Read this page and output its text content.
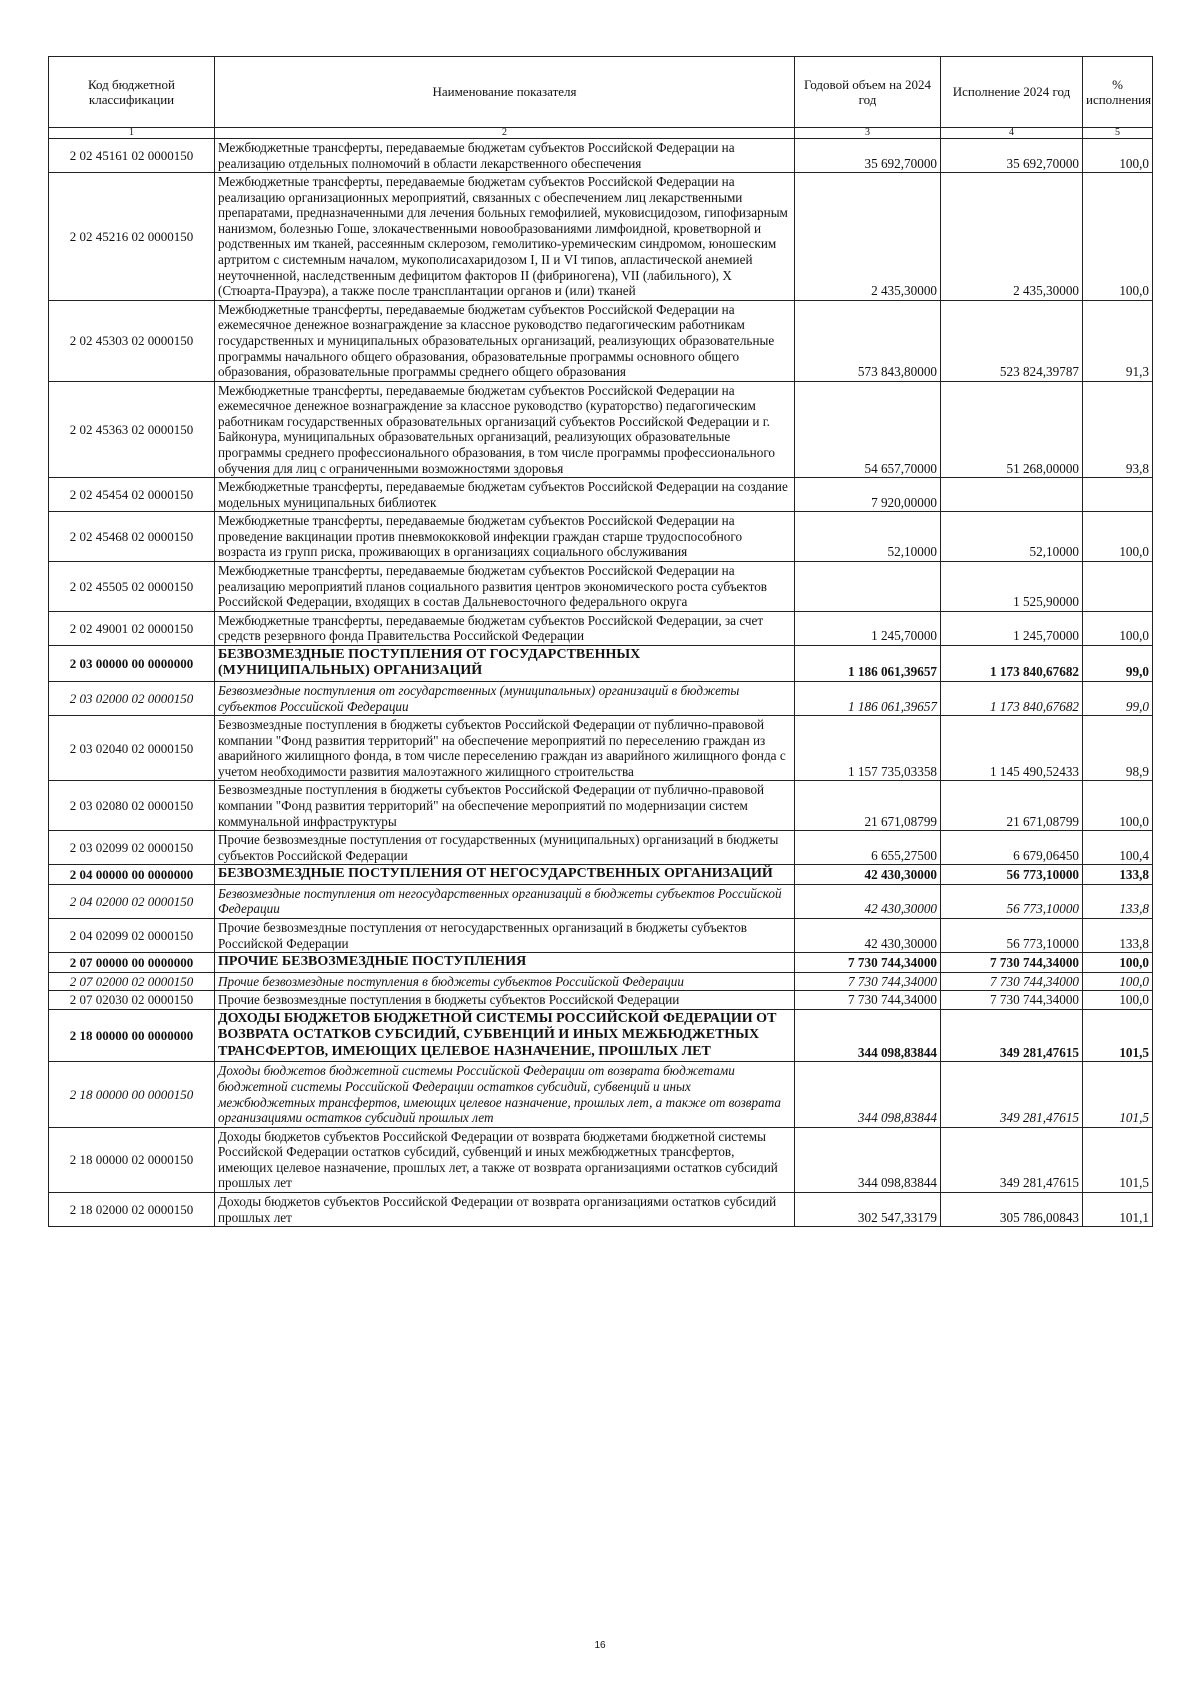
Код бюджетной классификации	Наименование показателя	Годовой объем на 2024 год	Исполнение 2024 год	% исполнения
1	2	3	4	5
2 02 45161 02 0000150	Межбюджетные трансферты, передаваемые бюджетам субъектов Российской Федерации на реализацию отдельных полномочий в области лекарственного обеспечения	35 692,70000	35 692,70000	100,0
2 02 45216 02 0000150	Межбюджетные трансферты, передаваемые бюджетам субъектов Российской Федерации на реализацию организационных мероприятий, связанных с обеспечением лиц лекарственными препаратами, предназначенными для лечения больных гемофилией, муковисцидозом, гипофизарным нанизмом, болезнью Гоше, злокачественными новообразованиями лимфоидной, кроветворной и родственных им тканей, рассеянным склерозом, гемолитико-уремическим синдромом, юношеским артритом с системным началом, мукополисахаридозом I, II и VI типов, апластической анемией неуточненной, наследственным дефицитом факторов II (фибриногена), VII (лабильного), X (Стюарта-Прауэра), а также после трансплантации органов и (или) тканей	2 435,30000	2 435,30000	100,0
2 02 45303 02 0000150	Межбюджетные трансферты, передаваемые бюджетам субъектов Российской Федерации на ежемесячное денежное вознаграждение за классное руководство педагогическим работникам государственных и муниципальных образовательных организаций, реализующих образовательные программы начального общего образования, образовательные программы основного общего образования, образовательные программы среднего общего образования	573 843,80000	523 824,39787	91,3
2 02 45363 02 0000150	Межбюджетные трансферты, передаваемые бюджетам субъектов Российской Федерации на ежемесячное денежное вознаграждение за классное руководство (кураторство) педагогическим работникам государственных образовательных организаций субъектов Российской Федерации и г. Байконура, муниципальных образовательных организаций, реализующих образовательные программы среднего профессионального образования, в том числе программы профессионального обучения для лиц с ограниченными возможностями здоровья	54 657,70000	51 268,00000	93,8
2 02 45454 02 0000150	Межбюджетные трансферты, передаваемые бюджетам субъектов Российской Федерации на создание модельных муниципальных библиотек	7 920,00000		
2 02 45468 02 0000150	Межбюджетные трансферты, передаваемые бюджетам субъектов Российской Федерации на проведение вакцинации против пневмококковой инфекции граждан старше трудоспособного возраста из групп риска, проживающих в организациях социального обслуживания	52,10000	52,10000	100,0
2 02 45505 02 0000150	Межбюджетные трансферты, передаваемые бюджетам субъектов Российской Федерации на реализацию мероприятий планов социального развития центров экономического роста субъектов Российской Федерации, входящих в состав Дальневосточного федерального округа		1 525,90000	
2 02 49001 02 0000150	Межбюджетные трансферты, передаваемые бюджетам субъектов Российской Федерации, за счет средств резервного фонда Правительства Российской Федерации	1 245,70000	1 245,70000	100,0
2 03 00000 00 0000000	БЕЗВОЗМЕЗДНЫЕ ПОСТУПЛЕНИЯ ОТ ГОСУДАРСТВЕННЫХ (МУНИЦИПАЛЬНЫХ) ОРГАНИЗАЦИЙ	1 186 061,39657	1 173 840,67682	99,0
2 03 02000 02 0000150	Безвозмездные поступления от государственных (муниципальных) организаций в бюджеты субъектов Российской Федерации	1 186 061,39657	1 173 840,67682	99,0
2 03 02040 02 0000150	Безвозмездные поступления в бюджеты субъектов Российской Федерации от публично-правовой компании "Фонд развития территорий" на обеспечение мероприятий по переселению граждан из аварийного жилищного фонда, в том числе переселению граждан из аварийного жилищного фонда с учетом необходимости развития малоэтажного жилищного строительства	1 157 735,03358	1 145 490,52433	98,9
2 03 02080 02 0000150	Безвозмездные поступления в бюджеты субъектов Российской Федерации от публично-правовой компании "Фонд развития территорий" на обеспечение мероприятий по модернизации систем коммунальной инфраструктуры	21 671,08799	21 671,08799	100,0
2 03 02099 02 0000150	Прочие безвозмездные поступления от государственных (муниципальных) организаций в бюджеты субъектов Российской Федерации	6 655,27500	6 679,06450	100,4
2 04 00000 00 0000000	БЕЗВОЗМЕЗДНЫЕ ПОСТУПЛЕНИЯ ОТ НЕГОСУДАРСТВЕННЫХ ОРГАНИЗАЦИЙ	42 430,30000	56 773,10000	133,8
2 04 02000 02 0000150	Безвозмездные поступления от негосударственных организаций в бюджеты субъектов Российской Федерации	42 430,30000	56 773,10000	133,8
2 04 02099 02 0000150	Прочие безвозмездные поступления от негосударственных организаций в бюджеты субъектов Российской Федерации	42 430,30000	56 773,10000	133,8
2 07 00000 00 0000000	ПРОЧИЕ БЕЗВОЗМЕЗДНЫЕ ПОСТУПЛЕНИЯ	7 730 744,34000	7 730 744,34000	100,0
2 07 02000 02 0000150	Прочие безвозмездные поступления в бюджеты субъектов Российской Федерации	7 730 744,34000	7 730 744,34000	100,0
2 07 02030 02 0000150	Прочие безвозмездные поступления в бюджеты субъектов Российской Федерации	7 730 744,34000	7 730 744,34000	100,0
2 18 00000 00 0000000	ДОХОДЫ БЮДЖЕТОВ БЮДЖЕТНОЙ СИСТЕМЫ РОССИЙСКОЙ ФЕДЕРАЦИИ ОТ ВОЗВРАТА ОСТАТКОВ СУБСИДИЙ, СУБВЕНЦИЙ И ИНЫХ МЕЖБЮДЖЕТНЫХ ТРАНСФЕРТОВ, ИМЕЮЩИХ ЦЕЛЕВОЕ НАЗНАЧЕНИЕ, ПРОШЛЫХ ЛЕТ	344 098,83844	349 281,47615	101,5
2 18 00000 00 0000150	Доходы бюджетов бюджетной системы Российской Федерации от возврата бюджетами бюджетной системы Российской Федерации остатков субсидий, субвенций и иных межбюджетных трансфертов, имеющих целевое назначение, прошлых лет, а также от возврата организациями остатков субсидий прошлых лет	344 098,83844	349 281,47615	101,5
2 18 00000 02 0000150	Доходы бюджетов субъектов Российской Федерации от возврата бюджетами бюджетной системы Российской Федерации остатков субсидий, субвенций и иных межбюджетных трансфертов, имеющих целевое назначение, прошлых лет, а также от возврата организациями остатков субсидий прошлых лет	344 098,83844	349 281,47615	101,5
2 18 02000 02 0000150	Доходы бюджетов субъектов Российской Федерации от возврата организациями остатков субсидий прошлых лет	302 547,33179	305 786,00843	101,1
16
